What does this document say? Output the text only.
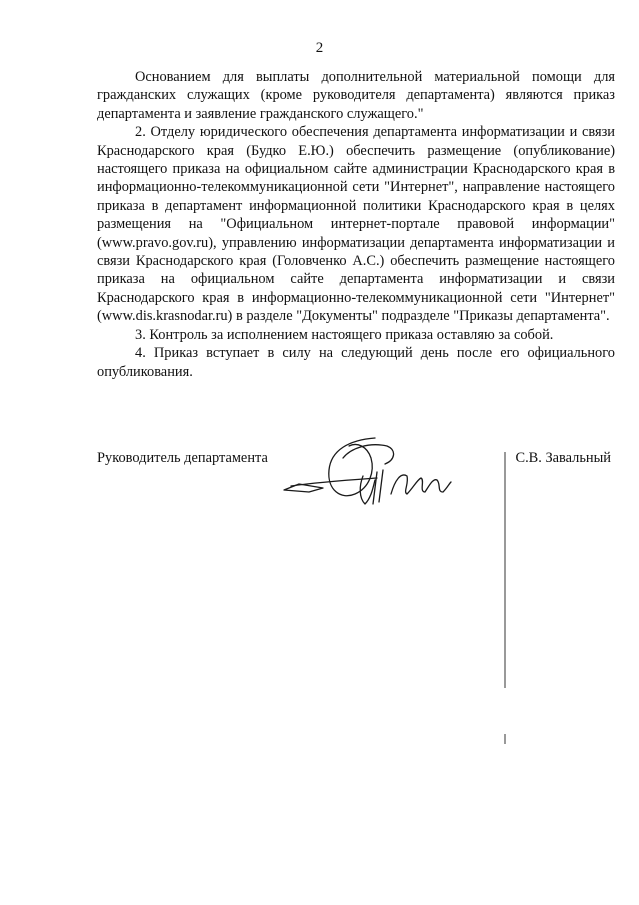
2

Основанием для выплаты дополнительной материальной помощи для гражданских служащих (кроме руководителя департамента) являются приказ департамента и заявление гражданского служащего."

2. Отделу юридического обеспечения департамента информатизации и связи Краснодарского края (Будко Е.Ю.) обеспечить размещение (опубликование) настоящего приказа на официальном сайте администрации Краснодарского края в информационно-телекоммуникационной сети "Интернет", направление настоящего приказа в департамент информационной политики Краснодарского края в целях размещения на "Официальном интернет-портале правовой информации" (www.pravo.gov.ru), управлению информатизации департамента информатизации и связи Краснодарского края (Головченко А.С.) обеспечить размещение настоящего приказа на официальном сайте департамента информатизации и связи Краснодарского края в информационно-телекоммуникационной сети "Интернет" (www.dis.krasnodar.ru) в разделе "Документы" подразделе "Приказы департамента".

3. Контроль за исполнением настоящего приказа оставляю за собой.

4. Приказ вступает в силу на следующий день после его официального опубликования.

Руководитель департамента	С.В. Завальный
